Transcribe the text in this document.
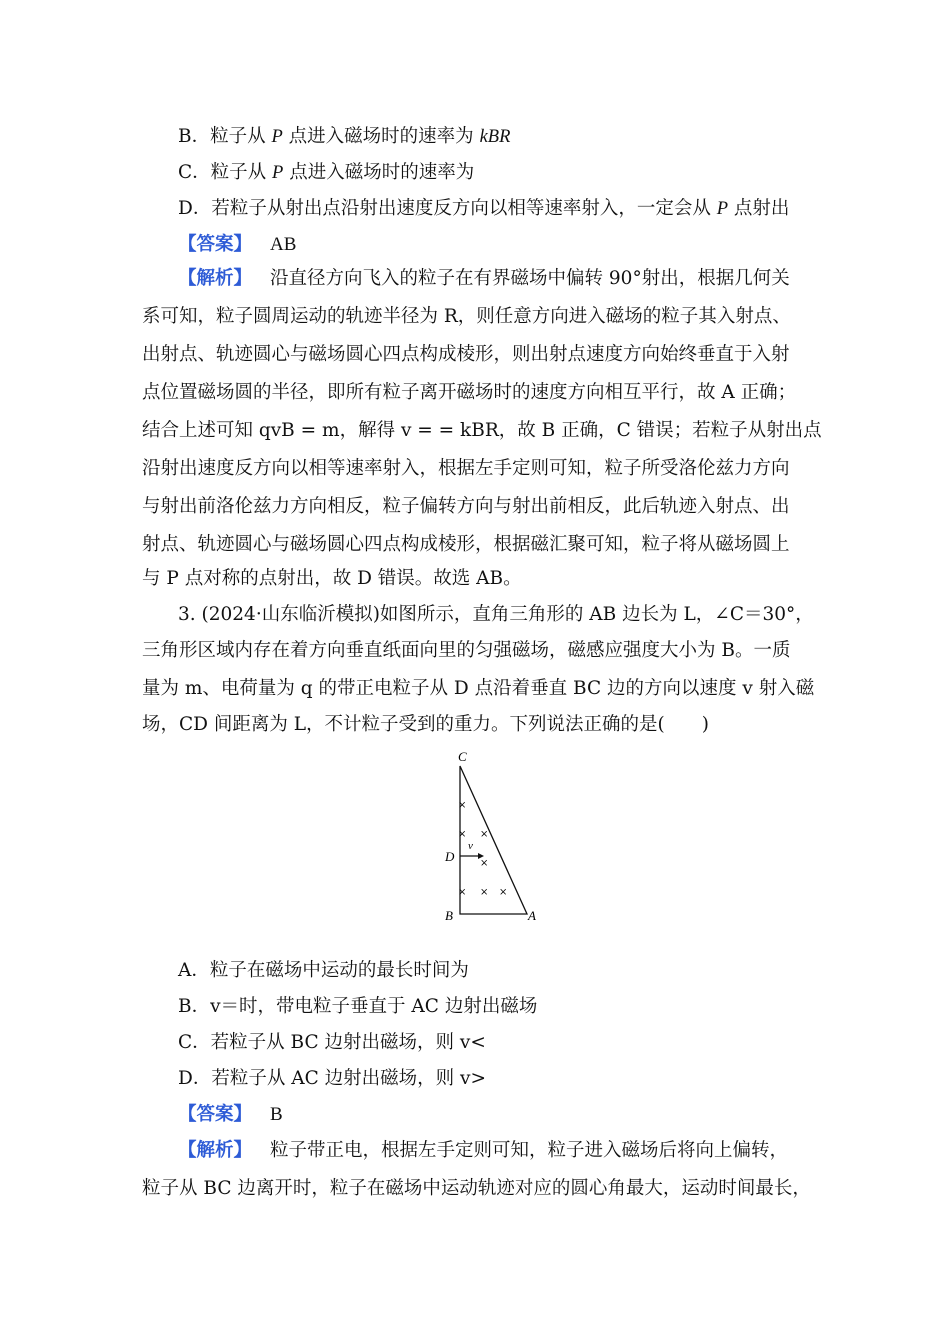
B．粒子从 P 点进入磁场时的速率为 kBR
C．粒子从 P 点进入磁场时的速率为
D．若粒子从射出点沿射出速度反方向以相等速率射入，一定会从 P 点射出
【答案】 AB
【解析】 沿直径方向飞入的粒子在有界磁场中偏转 90°射出，根据几何关
系可知，粒子圆周运动的轨迹半径为 R，则任意方向进入磁场的粒子其入射点、
出射点、轨迹圆心与磁场圆心四点构成棱形，则出射点速度方向始终垂直于入射
点位置磁场圆的半径，即所有粒子离开磁场时的速度方向相互平行，故 A 正确；
结合上述可知 qvB = m，解得 v = = kBR，故 B 正确，C 错误；若粒子从射出点
沿射出速度反方向以相等速率射入，根据左手定则可知，粒子所受洛伦兹力方向
与射出前洛伦兹力方向相反，粒子偏转方向与射出前相反，此后轨迹入射点、出
射点、轨迹圆心与磁场圆心四点构成棱形，根据磁汇聚可知，粒子将从磁场圆上
与 P 点对称的点射出，故 D 错误。故选 AB。
3. (2024·山东临沂模拟)如图所示，直角三角形的 AB 边长为 L，∠C＝30°，
三角形区域内存在着方向垂直纸面向里的匀强磁场，磁感应强度大小为 B。一质
量为 m、电荷量为 q 的带正电粒子从 D 点沿着垂直 BC 边的方向以速度 v 射入磁
场，CD 间距离为 L，不计粒子受到的重力。下列说法正确的是(　　)
C
D
B	A
v
×
× ×
×
× × ×
A．粒子在磁场中运动的最长时间为
B．v＝时，带电粒子垂直于 AC 边射出磁场
C．若粒子从 BC 边射出磁场，则 v<
D．若粒子从 AC 边射出磁场，则 v>
【答案】 B
【解析】 粒子带正电，根据左手定则可知，粒子进入磁场后将向上偏转，
粒子从 BC 边离开时，粒子在磁场中运动轨迹对应的圆心角最大，运动时间最长，
